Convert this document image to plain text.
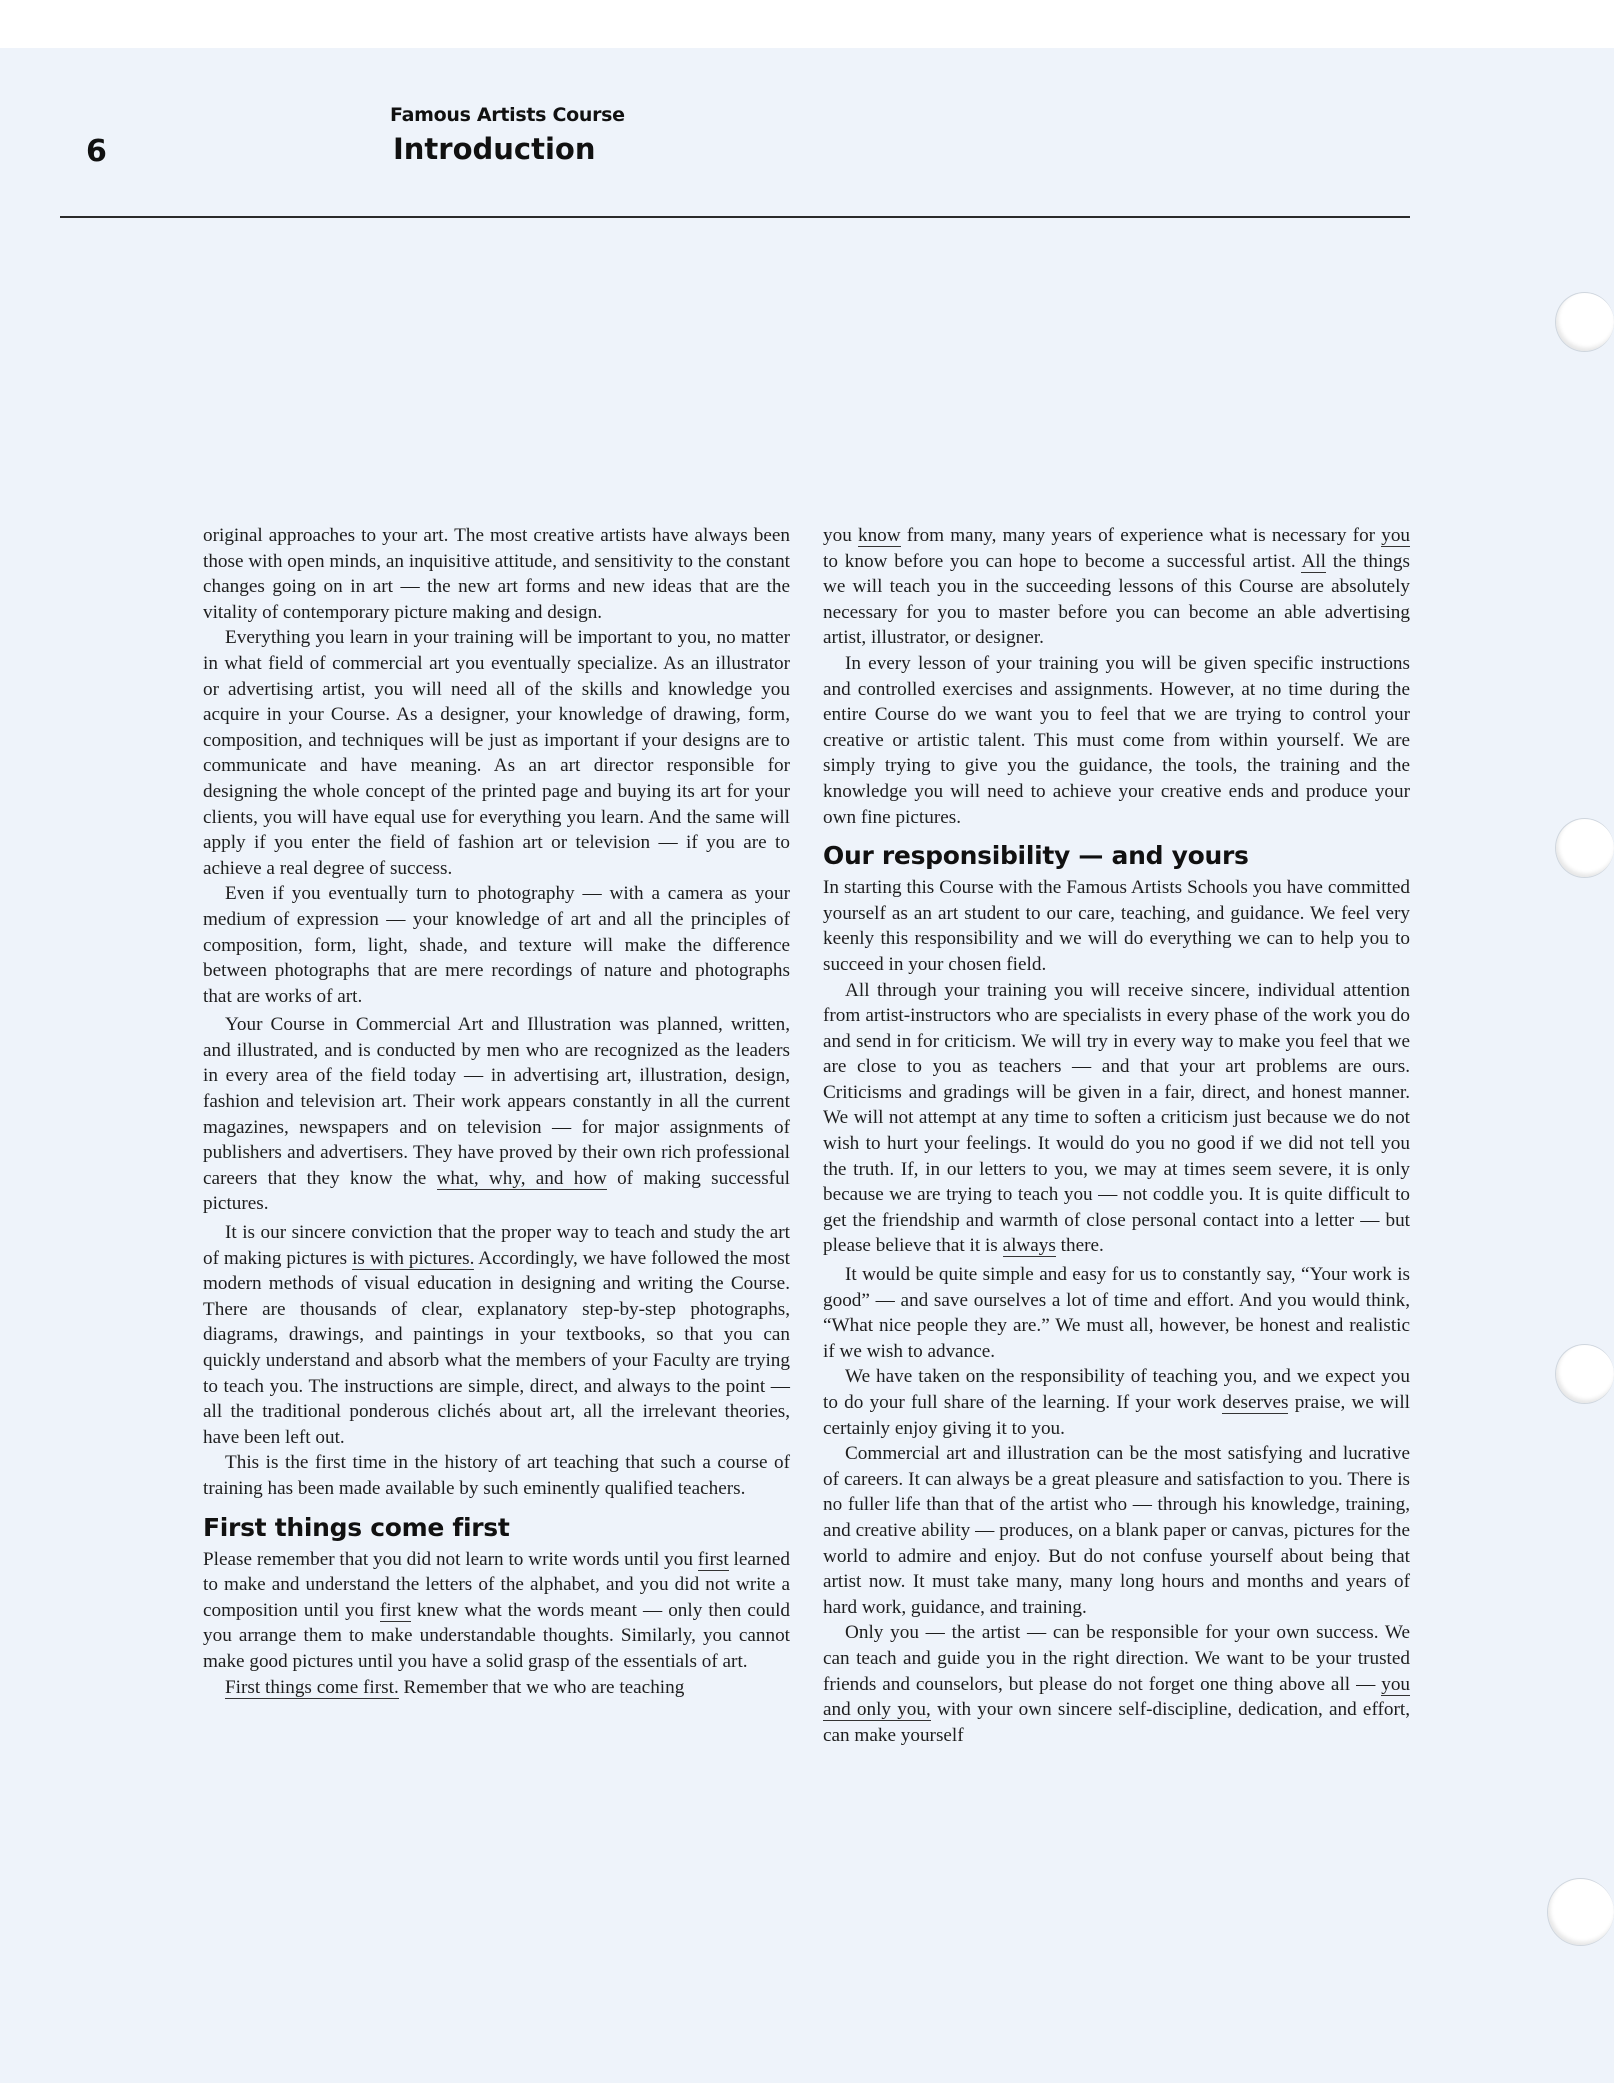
6
Famous Artists Course
Introduction

original approaches to your art. The most creative artists have always been those with open minds, an inquisitive attitude, and sensitivity to the constant changes going on in art — the new art forms and new ideas that are the vitality of contemporary picture making and design.

Everything you learn in your training will be important to you, no matter in what field of commercial art you eventually specialize. As an illustrator or advertising artist, you will need all of the skills and knowledge you acquire in your Course. As a designer, your knowledge of drawing, form, composition, and techniques will be just as important if your designs are to communicate and have meaning. As an art director responsible for designing the whole concept of the printed page and buying its art for your clients, you will have equal use for everything you learn. And the same will apply if you enter the field of fashion art or television — if you are to achieve a real degree of success.

Even if you eventually turn to photography — with a camera as your medium of expression — your knowledge of art and all the principles of composition, form, light, shade, and texture will make the difference between photographs that are mere recordings of nature and photographs that are works of art.

Your Course in Commercial Art and Illustration was planned, written, and illustrated, and is conducted by men who are recognized as the leaders in every area of the field today — in advertising art, illustration, design, fashion and television art. Their work appears constantly in all the current magazines, newspapers and on television — for major assignments of publishers and advertisers. They have proved by their own rich professional careers that they know the what, why, and how of making successful pictures.

It is our sincere conviction that the proper way to teach and study the art of making pictures is with pictures. Accordingly, we have followed the most modern methods of visual education in designing and writing the Course. There are thousands of clear, explanatory step-by-step photographs, diagrams, drawings, and paintings in your textbooks, so that you can quickly understand and absorb what the members of your Faculty are trying to teach you. The instructions are simple, direct, and always to the point — all the traditional ponderous clichés about art, all the irrelevant theories, have been left out.

This is the first time in the history of art teaching that such a course of training has been made available by such eminently qualified teachers.

First things come first

Please remember that you did not learn to write words until you first learned to make and understand the letters of the alphabet, and you did not write a composition until you first knew what the words meant — only then could you arrange them to make understandable thoughts. Similarly, you cannot make good pictures until you have a solid grasp of the essentials of art.

First things come first. Remember that we who are teaching

you know from many, many years of experience what is necessary for you to know before you can hope to become a successful artist. All the things we will teach you in the succeeding lessons of this Course are absolutely necessary for you to master before you can become an able advertising artist, illustrator, or designer.

In every lesson of your training you will be given specific instructions and controlled exercises and assignments. However, at no time during the entire Course do we want you to feel that we are trying to control your creative or artistic talent. This must come from within yourself. We are simply trying to give you the guidance, the tools, the training and the knowledge you will need to achieve your creative ends and produce your own fine pictures.

Our responsibility — and yours

In starting this Course with the Famous Artists Schools you have committed yourself as an art student to our care, teaching, and guidance. We feel very keenly this responsibility and we will do everything we can to help you to succeed in your chosen field.

All through your training you will receive sincere, individual attention from artist-instructors who are specialists in every phase of the work you do and send in for criticism. We will try in every way to make you feel that we are close to you as teachers — and that your art problems are ours. Criticisms and gradings will be given in a fair, direct, and honest manner. We will not attempt at any time to soften a criticism just because we do not wish to hurt your feelings. It would do you no good if we did not tell you the truth. If, in our letters to you, we may at times seem severe, it is only because we are trying to teach you — not coddle you. It is quite difficult to get the friendship and warmth of close personal contact into a letter — but please believe that it is always there.

It would be quite simple and easy for us to constantly say, “Your work is good” — and save ourselves a lot of time and effort. And you would think, “What nice people they are.” We must all, however, be honest and realistic if we wish to advance.

We have taken on the responsibility of teaching you, and we expect you to do your full share of the learning. If your work deserves praise, we will certainly enjoy giving it to you.

Commercial art and illustration can be the most satisfying and lucrative of careers. It can always be a great pleasure and satisfaction to you. There is no fuller life than that of the artist who — through his knowledge, training, and creative ability — produces, on a blank paper or canvas, pictures for the world to admire and enjoy. But do not confuse yourself about being that artist now. It must take many, many long hours and months and years of hard work, guidance, and training.

Only you — the artist — can be responsible for your own success. We can teach and guide you in the right direction. We want to be your trusted friends and counselors, but please do not forget one thing above all — you and only you, with your own sincere self-discipline, dedication, and effort, can make yourself
